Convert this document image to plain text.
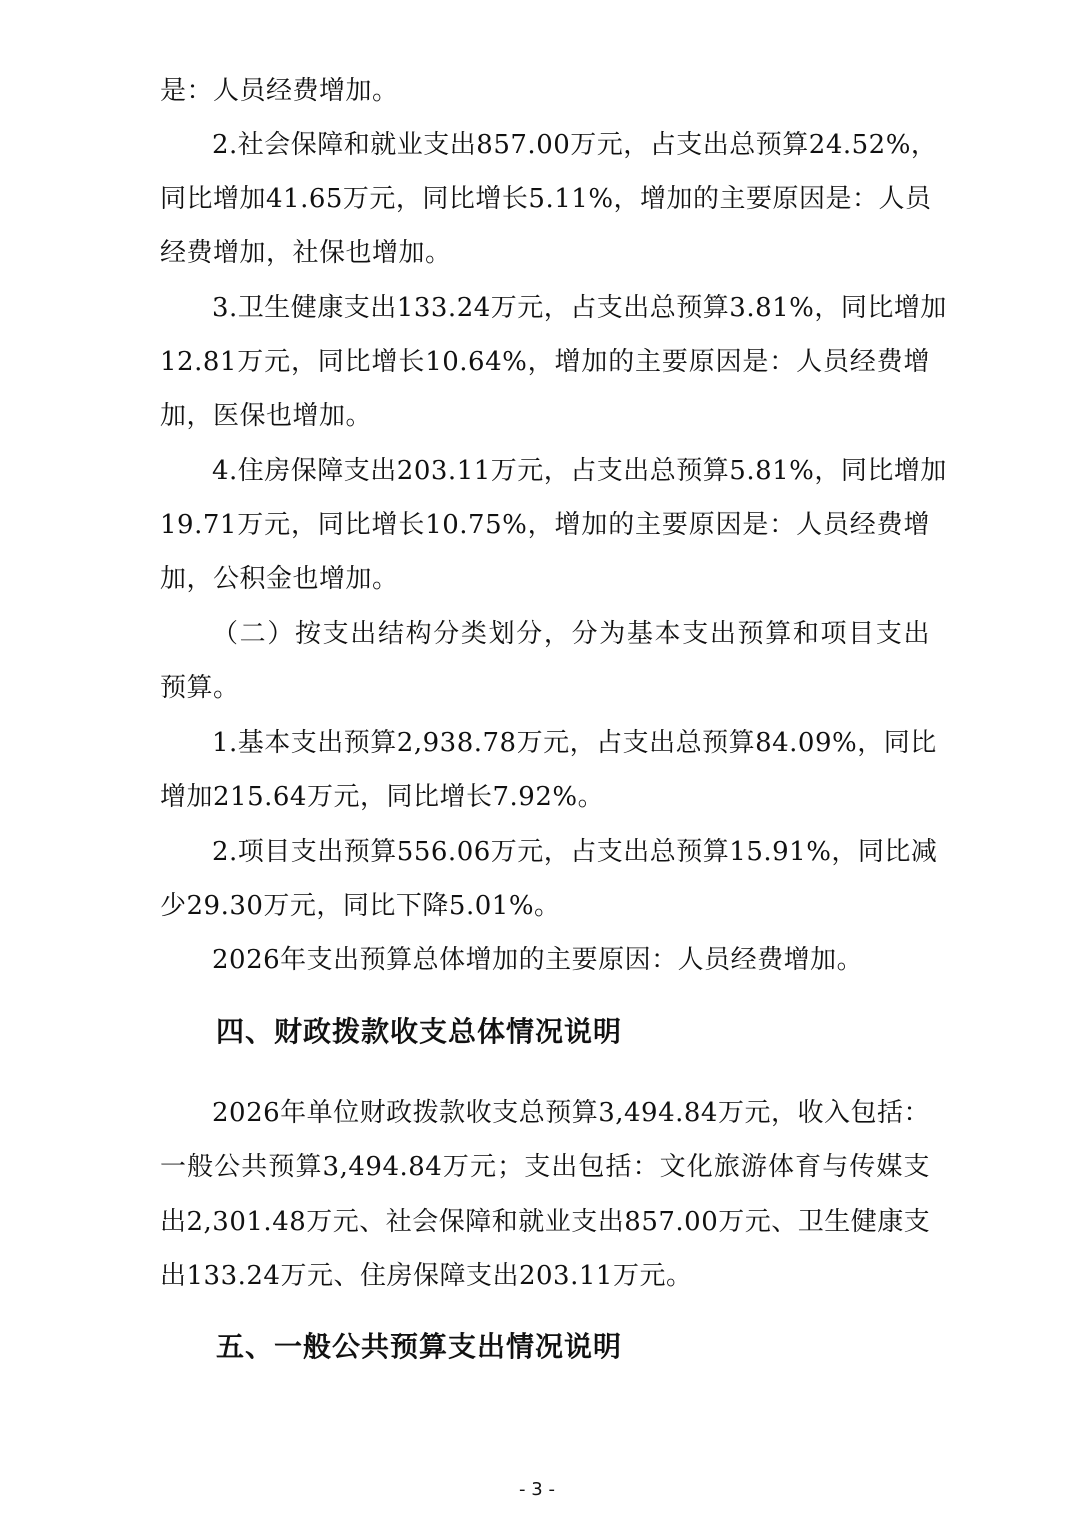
是：人员经费增加。
2.社会保障和就业支出857.00万元，占支出总预算24.52%，
同比增加41.65万元，同比增长5.11%，增加的主要原因是：人员
经费增加，社保也增加。
3.卫生健康支出133.24万元，占支出总预算3.81%，同比增加
12.81万元，同比增长10.64%，增加的主要原因是：人员经费增
加，医保也增加。
4.住房保障支出203.11万元，占支出总预算5.81%，同比增加
19.71万元，同比增长10.75%，增加的主要原因是：人员经费增
加，公积金也增加。
（二）按支出结构分类划分，分为基本支出预算和项目支出
预算。
1.基本支出预算2,938.78万元，占支出总预算84.09%，同比
增加215.64万元，同比增长7.92%。
2.项目支出预算556.06万元，占支出总预算15.91%，同比减
少29.30万元，同比下降5.01%。
2026年支出预算总体增加的主要原因：人员经费增加。
四、财政拨款收支总体情况说明
2026年单位财政拨款收支总预算3,494.84万元，收入包括：
一般公共预算3,494.84万元；支出包括：文化旅游体育与传媒支
出2,301.48万元、社会保障和就业支出857.00万元、卫生健康支
出133.24万元、住房保障支出203.11万元。
五、一般公共预算支出情况说明
- 3 -
